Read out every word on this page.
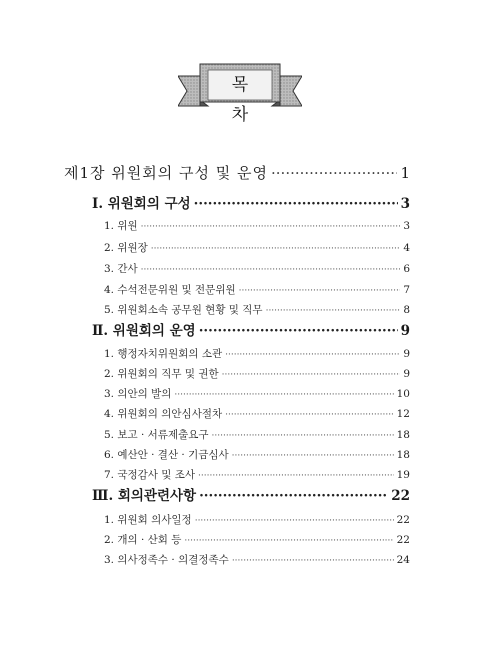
목 차
제1장 위원회의 구성 및 운영 ·····	1
Ⅰ. 위원회의 구성 ·····	3
1. 위원 ·····	3
2. 위원장 ·····	4
3. 간사 ·····	6
4. 수석전문위원 및 전문위원 ·····	7
5. 위원회소속 공무원 현황 및 직무 ·····	8
Ⅱ. 위원회의 운영 ·····	9
1. 행정자치위원회의 소관 ·····	9
2. 위원회의 직무 및 권한 ·····	9
3. 의안의 발의 ·····	10
4. 위원회의 의안심사절차 ·····	12
5. 보고 · 서류제출요구 ·····	18
6. 예산안 · 결산 · 기금심사 ·····	18
7. 국정감사 및 조사 ·····	19
Ⅲ. 회의관련사항 ·····	22
1. 위원회 의사일정 ·····	22
2. 개의 · 산회 등 ·····	22
3. 의사정족수 · 의결정족수 ·····	24
